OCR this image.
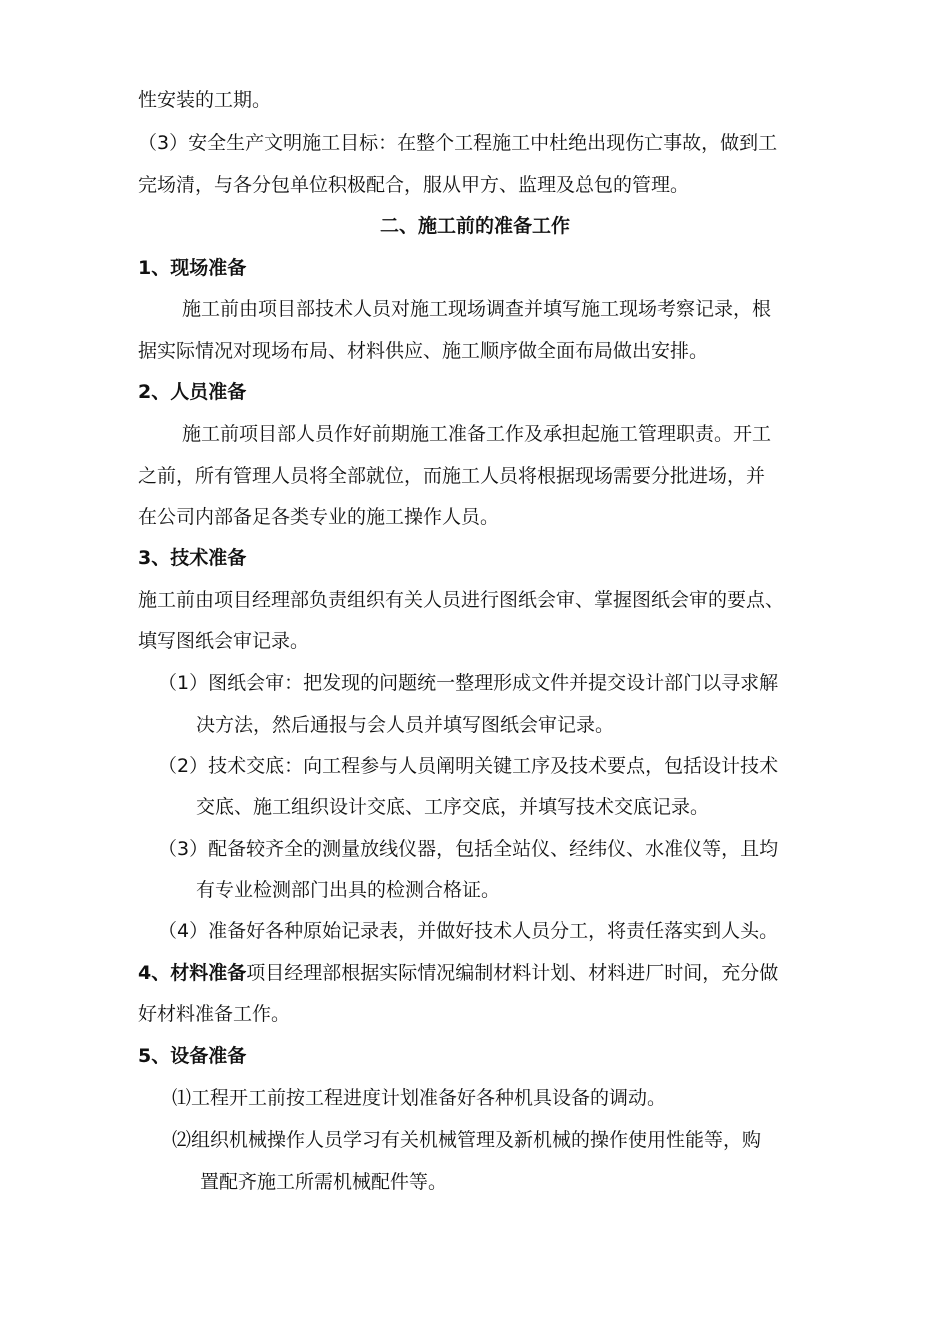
性安装的工期。

（3）安全生产文明施工目标：在整个工程施工中杜绝出现伤亡事故，做到工

完场清，与各分包单位积极配合，服从甲方、监理及总包的管理。

二、施工前的准备工作

1、现场准备

施工前由项目部技术人员对施工现场调查并填写施工现场考察记录，根

据实际情况对现场布局、材料供应、施工顺序做全面布局做出安排。

2、人员准备

施工前项目部人员作好前期施工准备工作及承担起施工管理职责。开工

之前，所有管理人员将全部就位，而施工人员将根据现场需要分批进场，并

在公司内部备足各类专业的施工操作人员。

3、技术准备

施工前由项目经理部负责组织有关人员进行图纸会审、掌握图纸会审的要点、

填写图纸会审记录。

（1）图纸会审：把发现的问题统一整理形成文件并提交设计部门以寻求解

决方法，然后通报与会人员并填写图纸会审记录。

（2）技术交底：向工程参与人员阐明关键工序及技术要点，包括设计技术

交底、施工组织设计交底、工序交底，并填写技术交底记录。

（3）配备较齐全的测量放线仪器，包括全站仪、经纬仪、水准仪等，且均

有专业检测部门出具的检测合格证。

（4）准备好各种原始记录表，并做好技术人员分工，将责任落实到人头。

4、材料准备项目经理部根据实际情况编制材料计划、材料进厂时间，充分做

好材料准备工作。

5、设备准备

⑴工程开工前按工程进度计划准备好各种机具设备的调动。

⑵组织机械操作人员学习有关机械管理及新机械的操作使用性能等，购

置配齐施工所需机械配件等。
